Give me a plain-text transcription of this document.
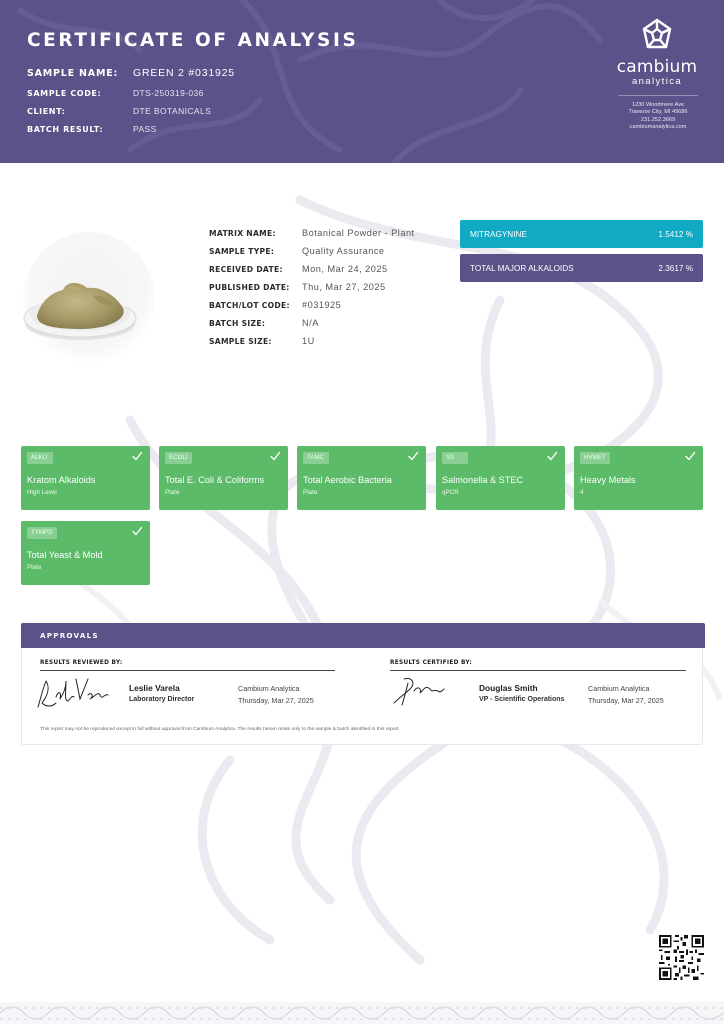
CERTIFICATE OF ANALYSIS
SAMPLE NAME:	GREEN 2 #031925
SAMPLE CODE:	DTS-250319-036
CLIENT:	DTE BOTANICALS
BATCH RESULT:	PASS
cambium
analytica
1230 Woodmere Ave
Traverse City, MI 49686
231.252.3669
cambiumanalytica.com
MATRIX NAME:	Botanical Powder - Plant
SAMPLE TYPE:	Quality Assurance
RECEIVED DATE:	Mon, Mar 24, 2025
PUBLISHED DATE:	Thu, Mar 27, 2025
BATCH/LOT CODE:	#031925
BATCH SIZE:	N/A
SAMPLE SIZE:	1U
MITRAGYNINE	1.5412 %
TOTAL MAJOR ALKALOIDS	2.3617 %
ALKU
Kratom Alkaloids
High Level
ECOLI
Total E. Coli & Coliforms
Plate
TAMC
Total Aerobic Bacteria
Plate
SS
Salmonella & STEC
qPCR
HVMET
Heavy Metals
4
TYMPD
Total Yeast & Mold
Plate
APPROVALS
RESULTS REVIEWED BY:
Leslie Varela
Laboratory Director
Cambium Analytica
Thursday, Mar 27, 2025
RESULTS CERTIFIED BY:
Douglas Smith
VP - Scientific Operations
Cambium Analytica
Thursday, Mar 27, 2025
This report may not be reproduced except in full without approval from Cambium Analytica. The results herein relate only to the sample & batch identified in this report.
